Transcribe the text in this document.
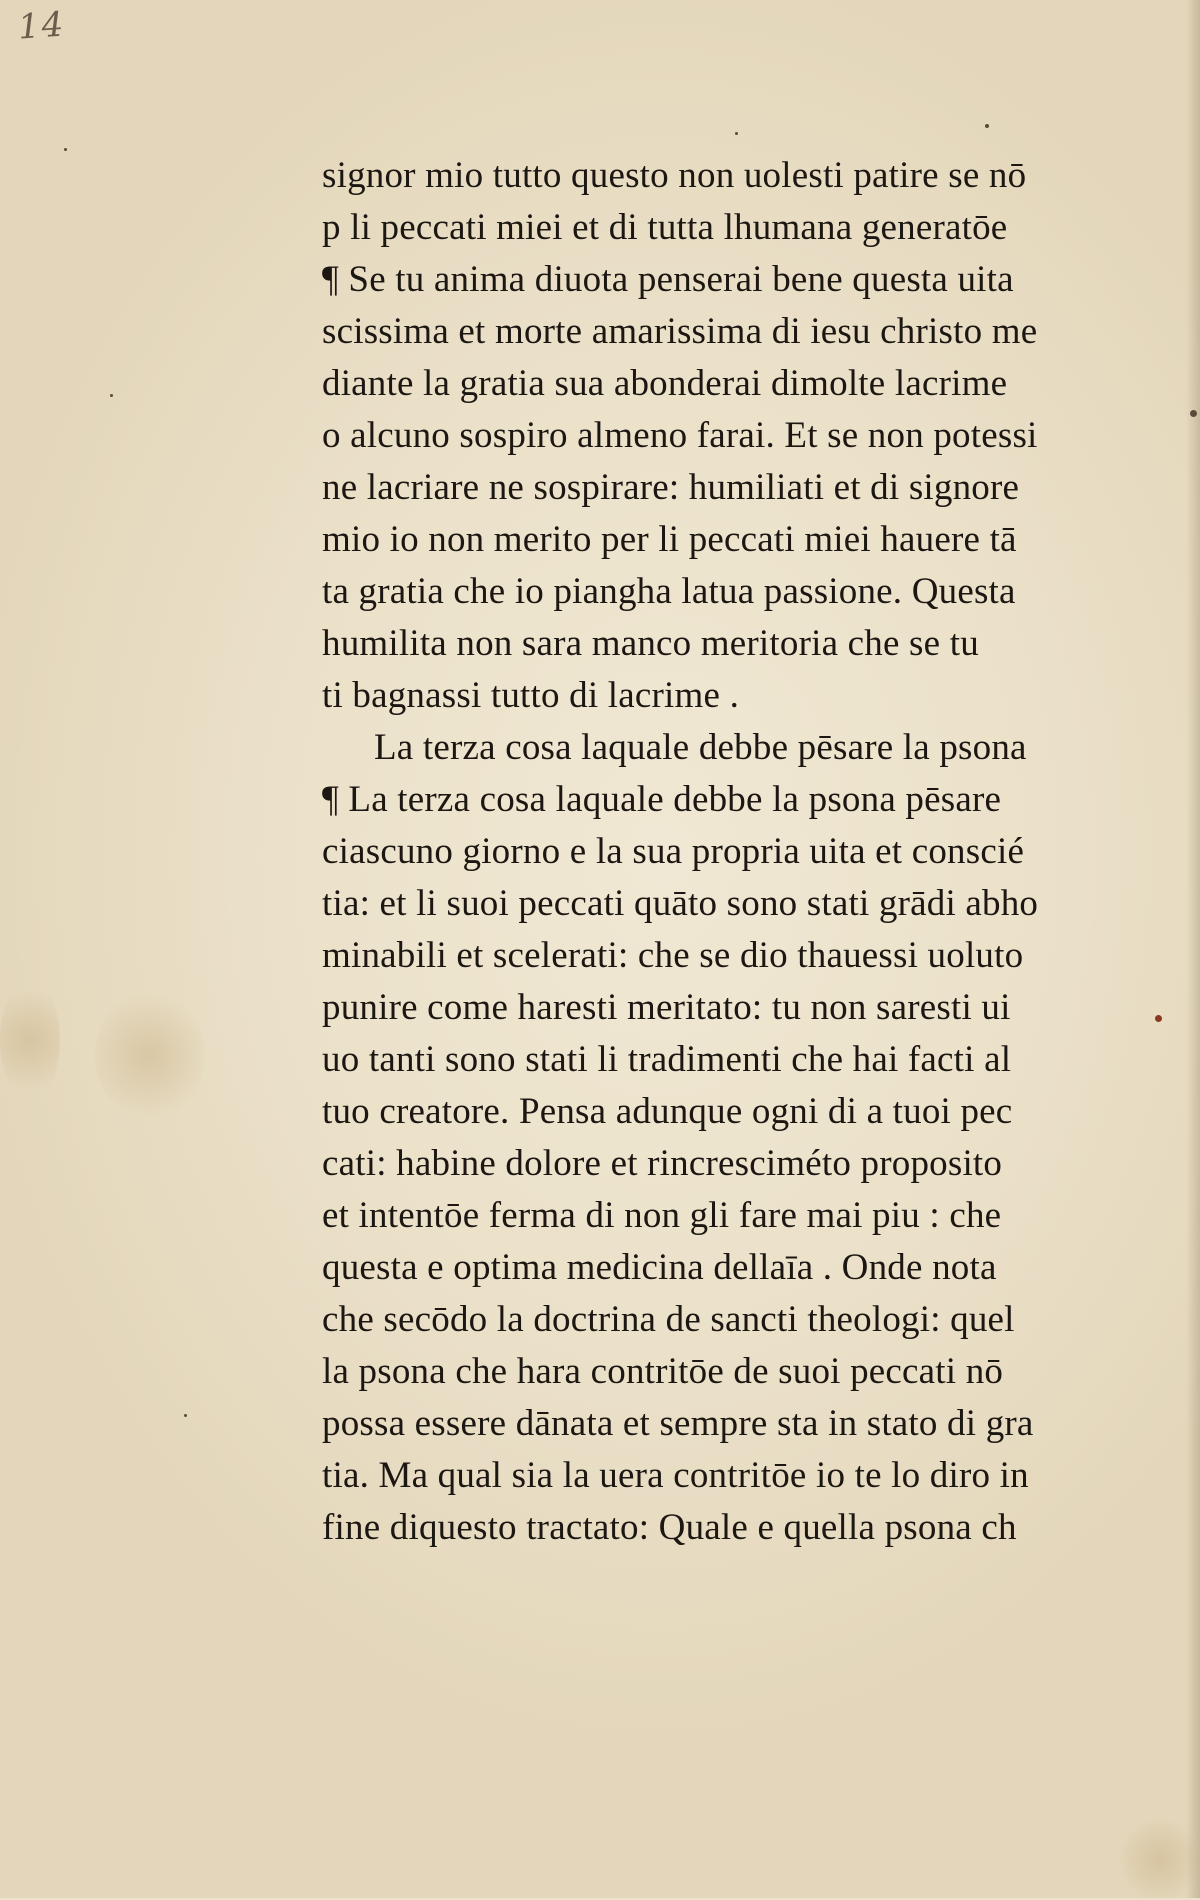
14
signor mio tutto questo non uolesti patire se nō
p li peccati miei et di tutta lhumana generatōe
¶ Se tu anima diuota penserai bene questa uita
scissima et morte amarissima di iesu christo me
diante la gratia sua abonderai dimolte lacrime
o alcuno sospiro almeno farai. Et se non potessi
ne lacriare ne sospirare: humiliati et di signore
mio io non merito per li peccati miei hauere tā
ta gratia che io piangha latua passione. Questa
humilita non sara manco meritoria che se tu
ti bagnassi tutto di lacrime .
La terza cosa laquale debbe pēsare la psona
¶ La terza cosa laquale debbe la psona pēsare
ciascuno giorno e la sua propria uita et conscié
tia: et li suoi peccati quāto sono stati grādi abho
minabili et scelerati: che se dio thauessi uoluto
punire come haresti meritato: tu non saresti ui
uo tanti sono stati li tradimenti che hai facti al
tuo creatore. Pensa adunque ogni di a tuoi pec
cati: habine dolore et rincresciméto proposito
et intentōe ferma di non gli fare mai piu : che
questa e optima medicina dellaīa . Onde nota
che secōdo la doctrina de sancti theologi: quel
la psona che hara contritōe de suoi peccati nō
possa essere dānata et sempre sta in stato di gra
tia. Ma qual sia la uera contritōe io te lo diro in
fine diquesto tractato: Quale e quella psona ch
